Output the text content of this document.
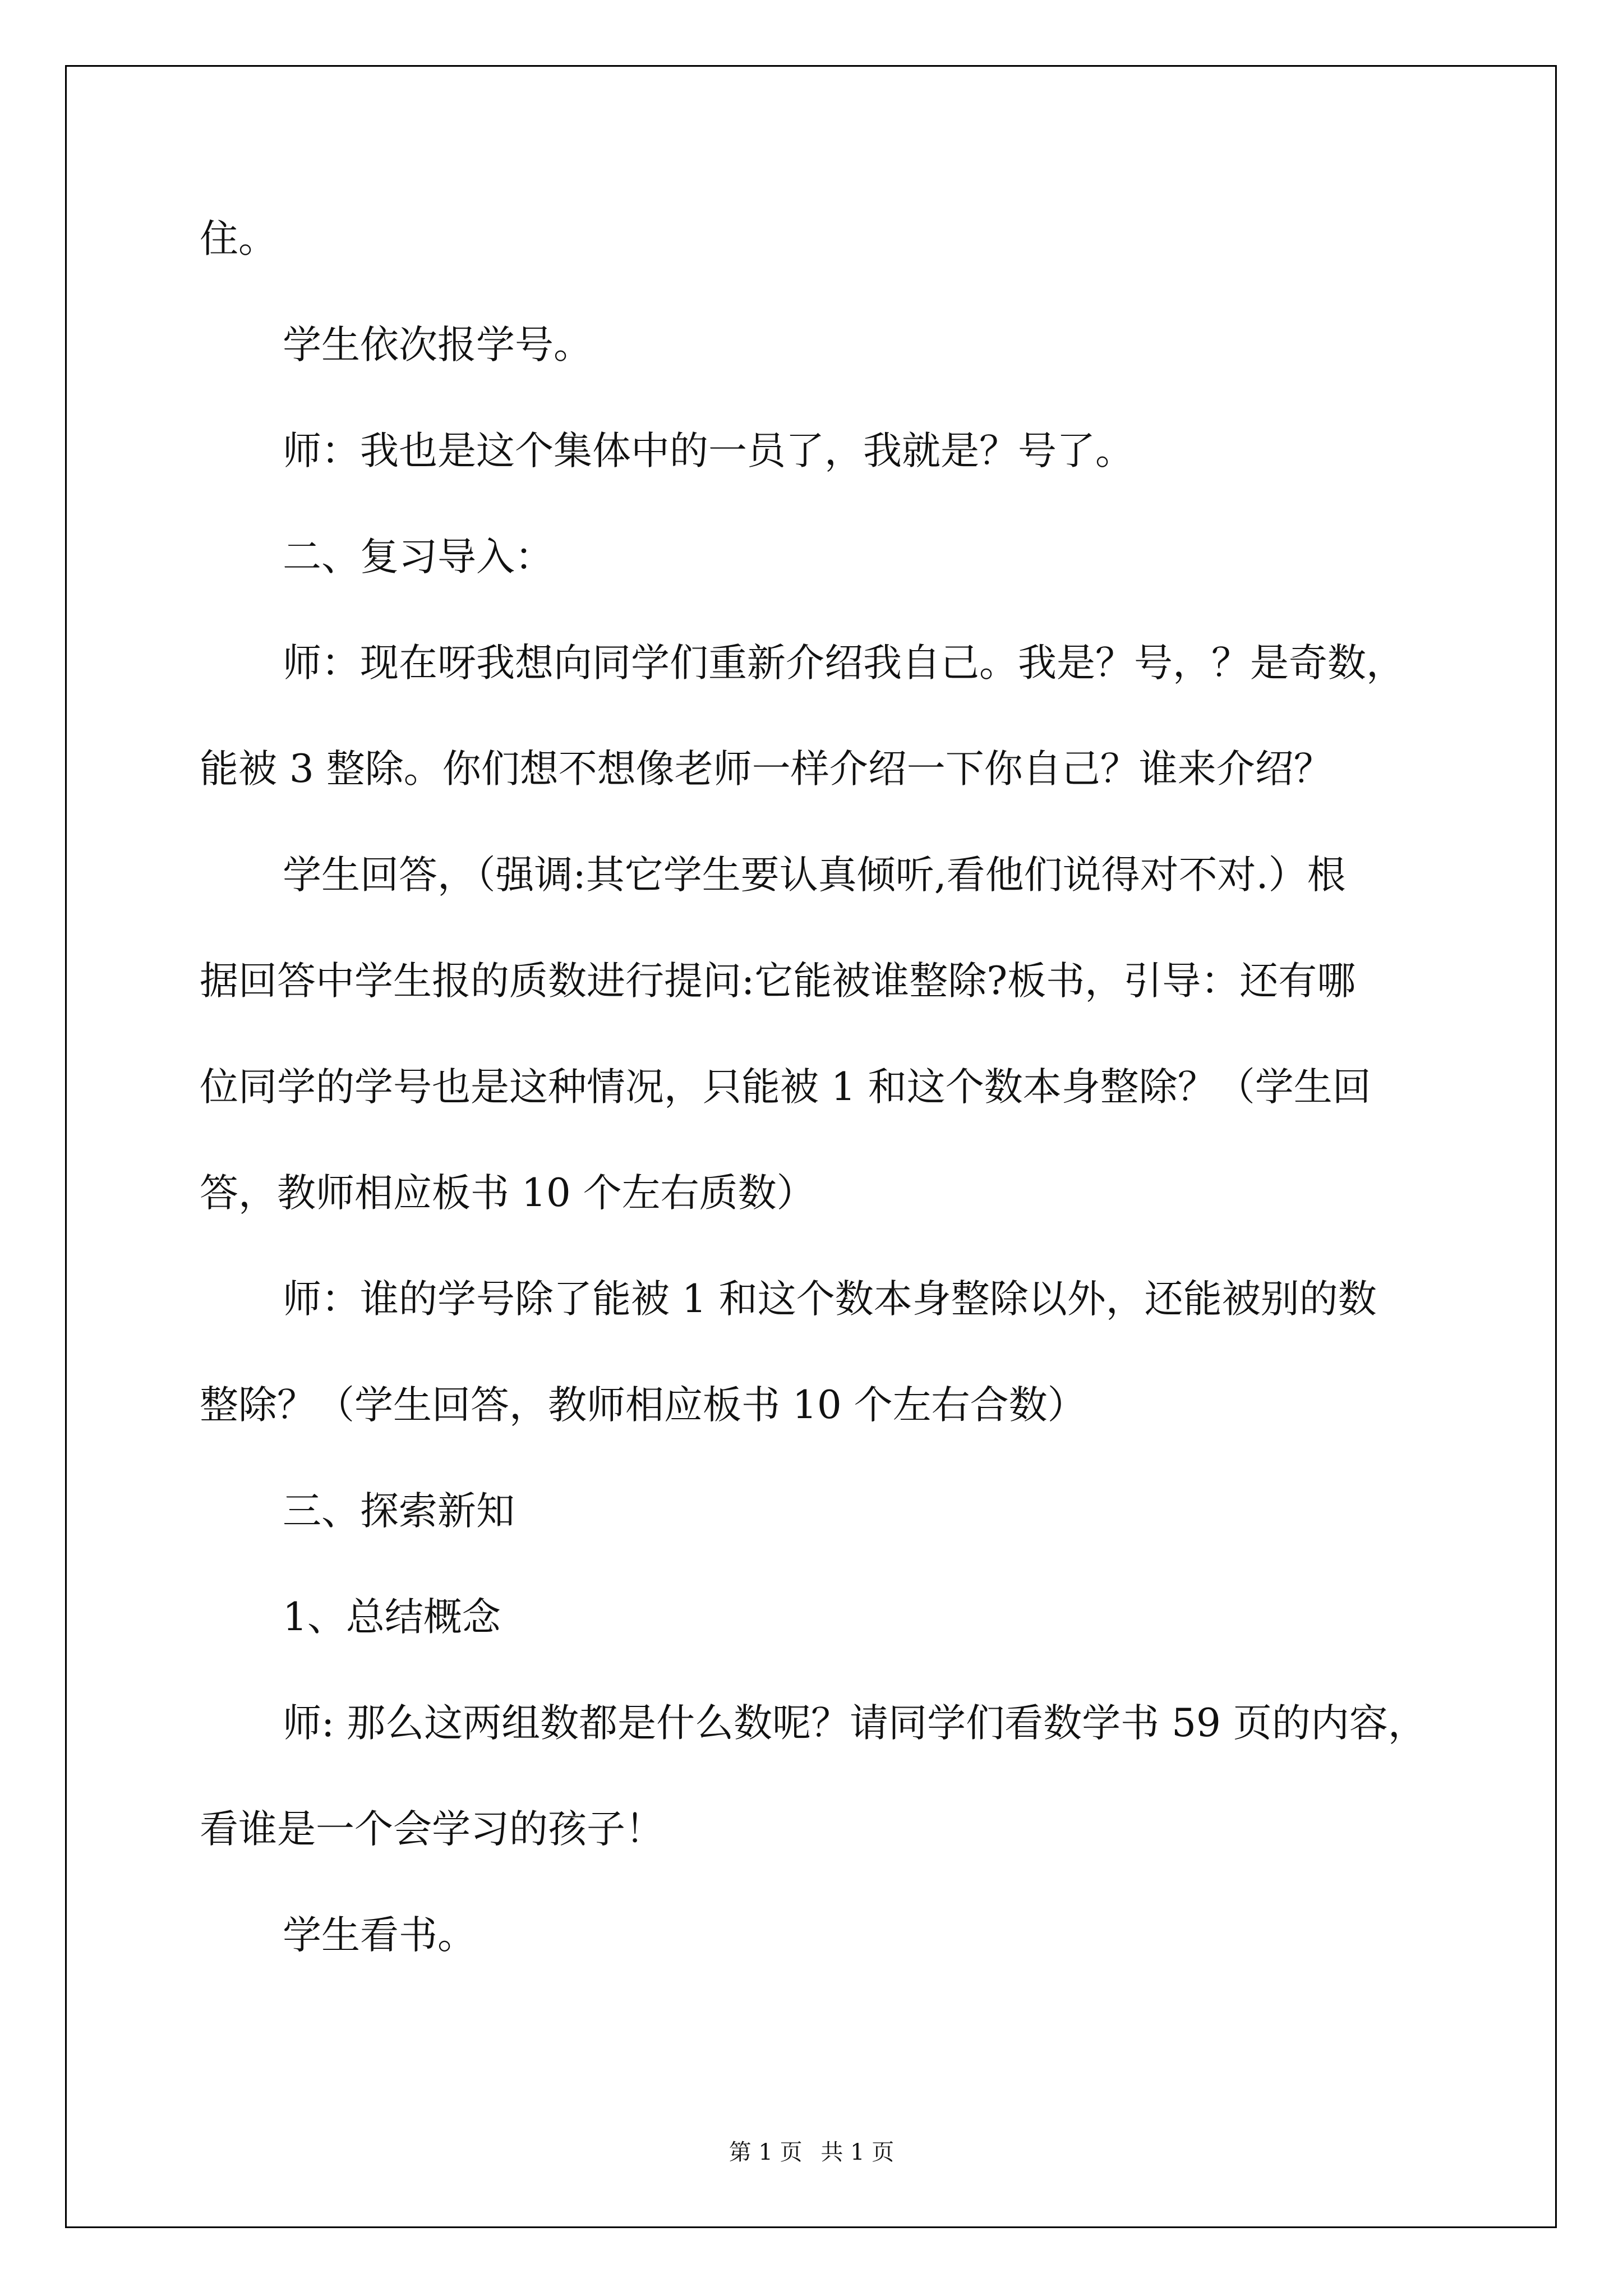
住。
学生依次报学号。
师：我也是这个集体中的一员了，我就是？号了。
二、复习导入：
师：现在呀我想向同学们重新介绍我自己。我是？号，？是奇数，
能被 3 整除。你们想不想像老师一样介绍一下你自己？谁来介绍？
学生回答，（强调:其它学生要认真倾听,看他们说得对不对.）根
据回答中学生报的质数进行提问:它能被谁整除?板书，引导：还有哪
位同学的学号也是这种情况，只能被 1 和这个数本身整除？（学生回
答，教师相应板书 10 个左右质数）
师：谁的学号除了能被 1 和这个数本身整除以外，还能被别的数
整除？（学生回答，教师相应板书 10 个左右合数）
三、探索新知
1、总结概念
师: 那么这两组数都是什么数呢？请同学们看数学书 59 页的内容，
看谁是一个会学习的孩子！
学生看书。
第 1 页 共 1 页
